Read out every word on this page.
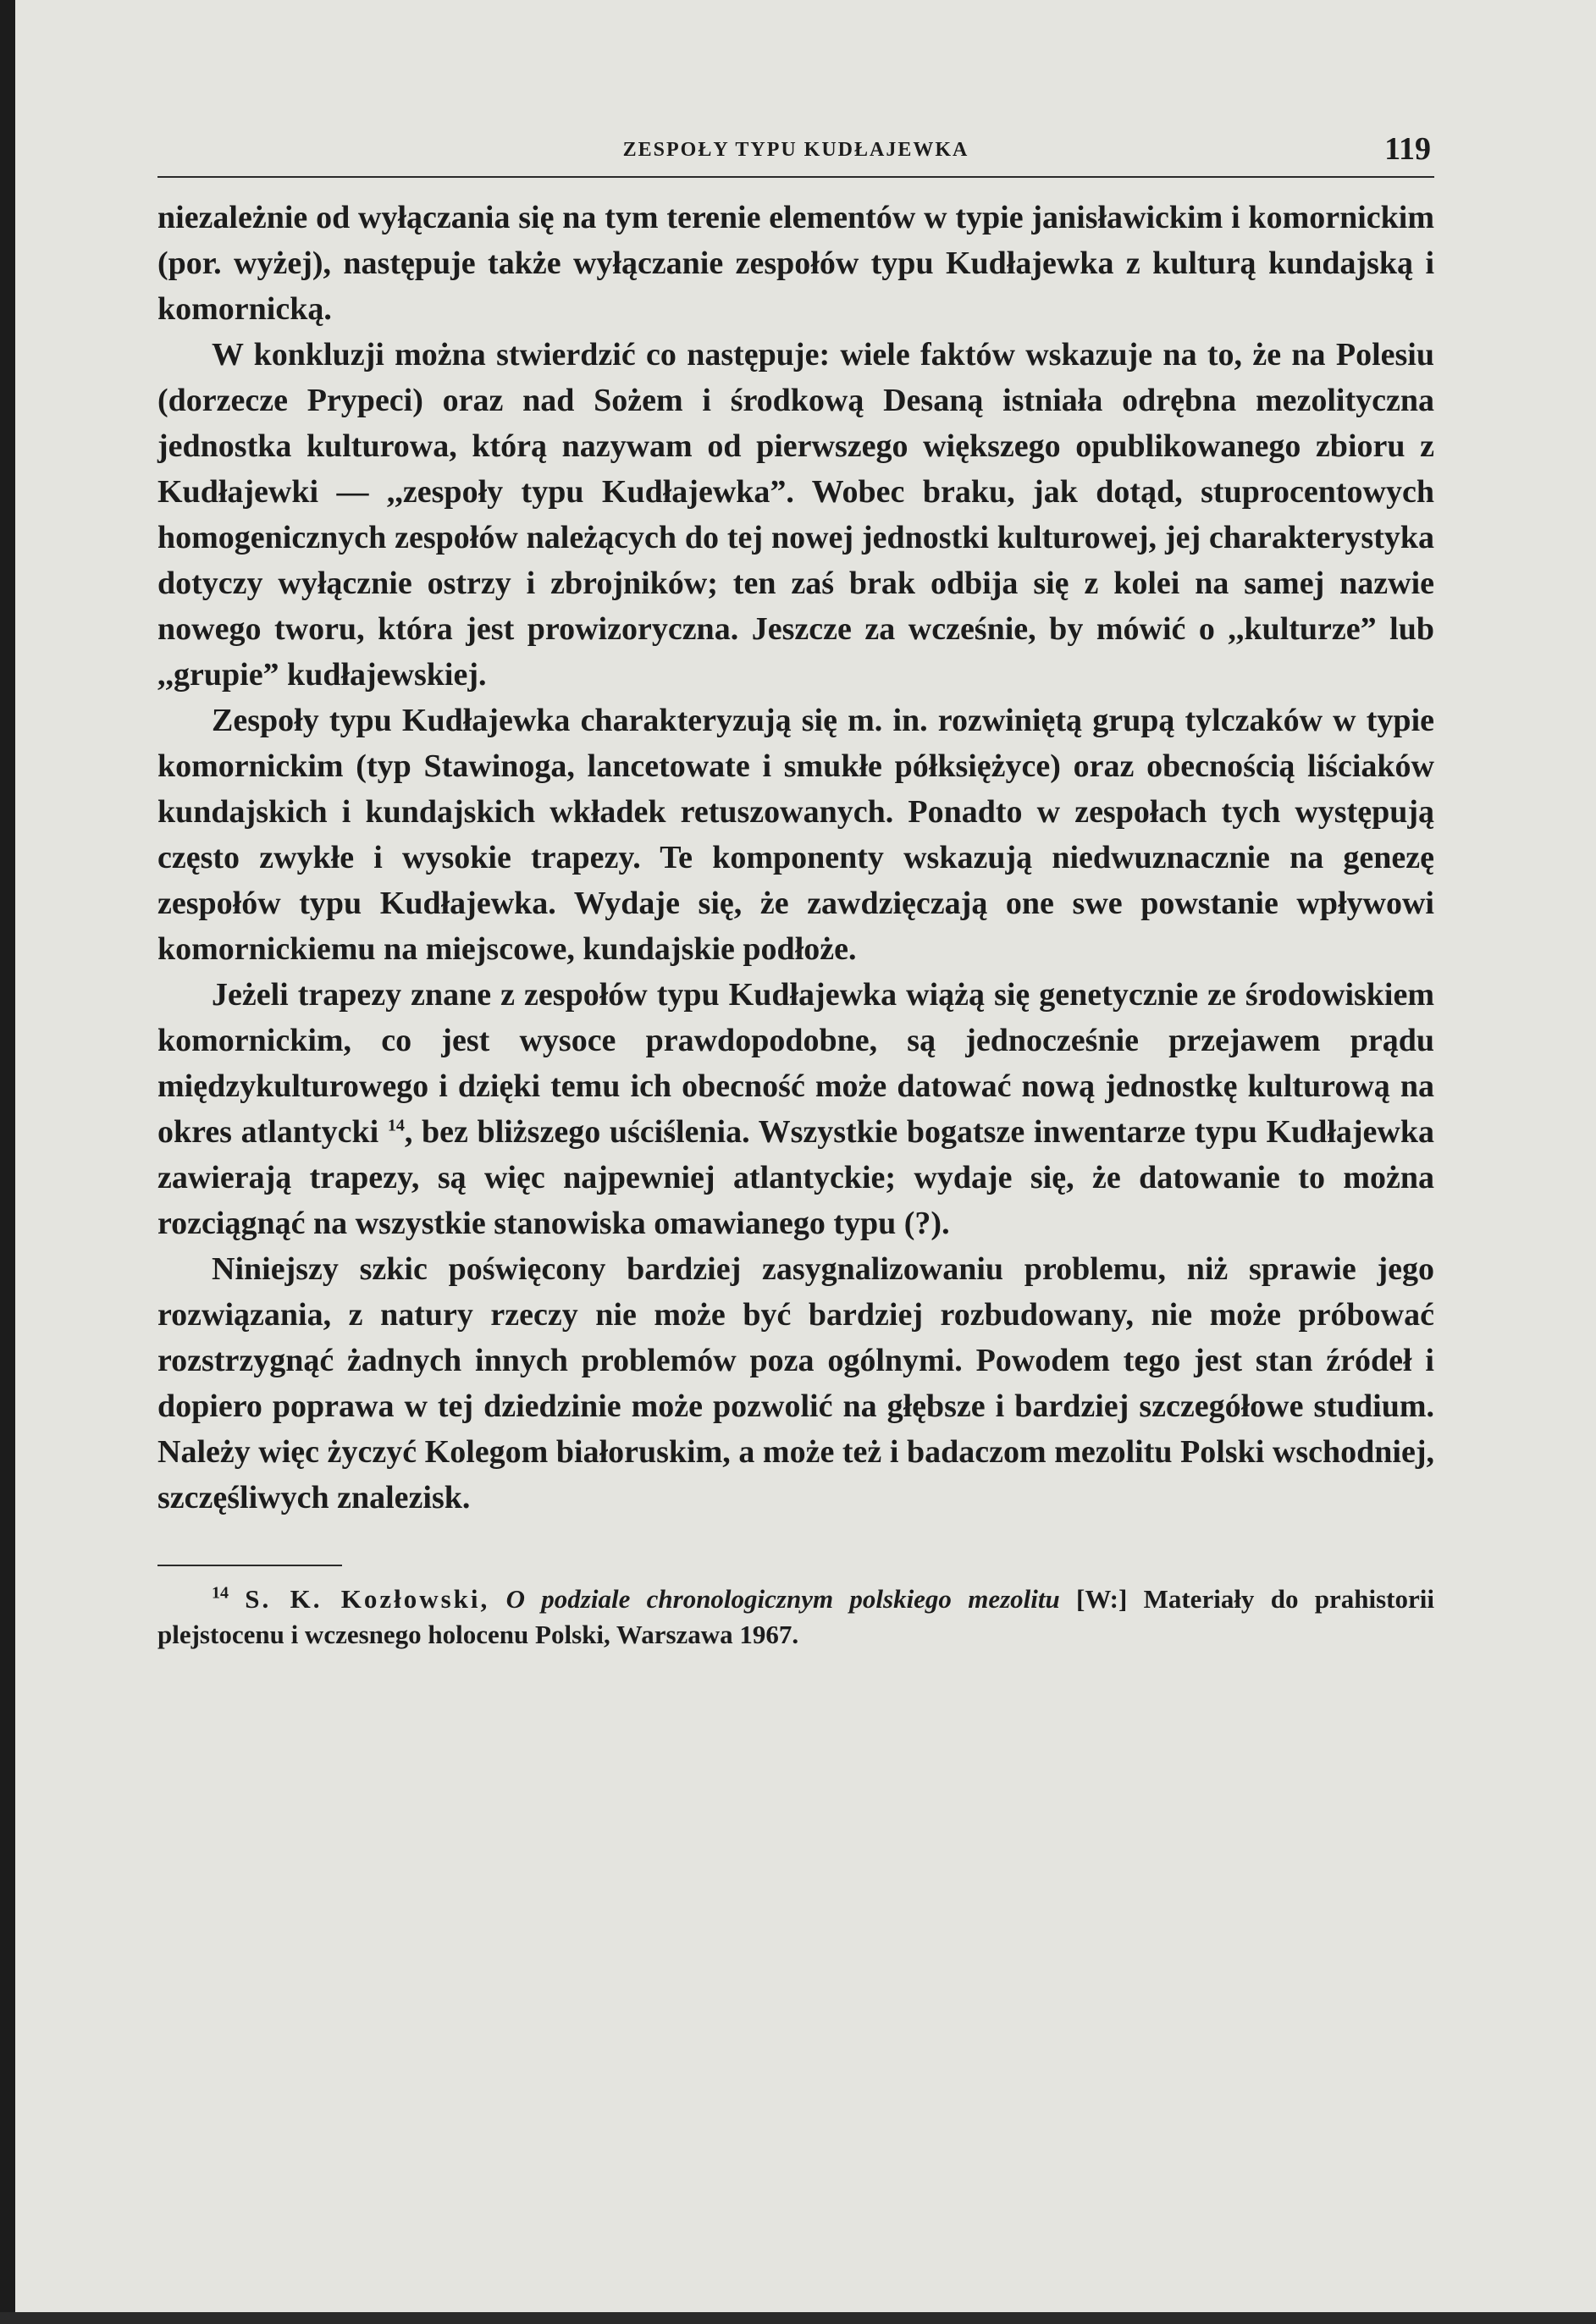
ZESPOŁY TYPU KUDŁAJEWKA	119

niezależnie od wyłączania się na tym terenie elementów w typie janisławickim i komornickim (por. wyżej), następuje także wyłączanie zespołów typu Kudłajewka z kulturą kundajską i komornicką.

W konkluzji można stwierdzić co następuje: wiele faktów wskazuje na to, że na Polesiu (dorzecze Prypeci) oraz nad Sożem i środkową Desaną istniała odrębna mezolityczna jednostka kulturowa, którą nazywam od pierwszego większego opublikowanego zbioru z Kudłajewki — ,,zespoły typu Kudłajewka”. Wobec braku, jak dotąd, stuprocentowych homogenicznych zespołów należących do tej nowej jednostki kulturowej, jej charakterystyka dotyczy wyłącznie ostrzy i zbrojników; ten zaś brak odbija się z kolei na samej nazwie nowego tworu, która jest prowizoryczna. Jeszcze za wcześnie, by mówić o ,,kulturze” lub ,,grupie” kudłajewskiej.

Zespoły typu Kudłajewka charakteryzują się m. in. rozwiniętą grupą tylczaków w typie komornickim (typ Stawinoga, lancetowate i smukłe półksiężyce) oraz obecnością liściaków kundajskich i kundajskich wkładek retuszowanych. Ponadto w zespołach tych występują często zwykłe i wysokie trapezy. Te komponenty wskazują niedwuznacznie na genezę zespołów typu Kudłajewka. Wydaje się, że zawdzięczają one swe powstanie wpływowi komornickiemu na miejscowe, kundajskie podłoże.

Jeżeli trapezy znane z zespołów typu Kudłajewka wiążą się genetycznie ze środowiskiem komornickim, co jest wysoce prawdopodobne, są jednocześnie przejawem prądu międzykulturowego i dzięki temu ich obecność może datować nową jednostkę kulturową na okres atlantycki $^{14}$, bez bliższego uściślenia. Wszystkie bogatsze inwentarze typu Kudłajewka zawierają trapezy, są więc najpewniej atlantyckie; wydaje się, że datowanie to można rozciągnąć na wszystkie stanowiska omawianego typu (?).

Niniejszy szkic poświęcony bardziej zasygnalizowaniu problemu, niż sprawie jego rozwiązania, z natury rzeczy nie może być bardziej rozbudowany, nie może próbować rozstrzygnąć żadnych innych problemów poza ogólnymi. Powodem tego jest stan źródeł i dopiero poprawa w tej dziedzinie może pozwolić na głębsze i bardziej szczegółowe studium. Należy więc życzyć Kolegom białoruskim, a może też i badaczom mezolitu Polski wschodniej, szczęśliwych znalezisk.

$^{14}$ S. K. Kozłowski, O podziale chronologicznym polskiego mezolitu [W:] Materiały do prahistorii plejstocenu i wczesnego holocenu Polski, Warszawa 1967.
